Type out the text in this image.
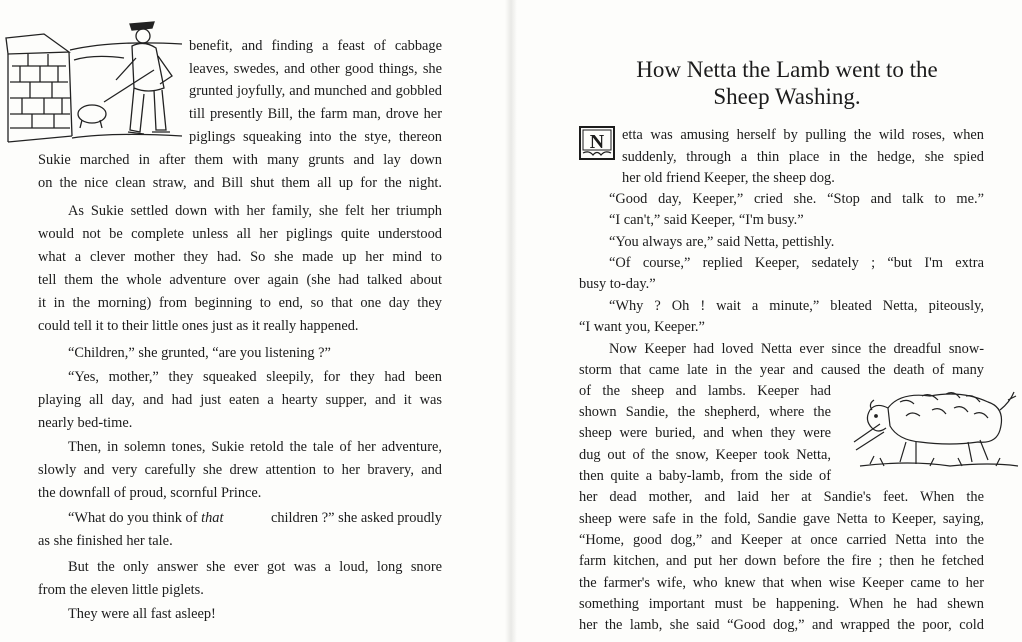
benefit, and finding a feast of cabbage
leaves, swedes, and other good things, she
grunted joyfully, and munched and gobbled
till presently Bill, the farm man, drove her
piglings squeaking into the stye, thereon
Sukie marched in after them with many grunts and lay down
on the nice clean straw, and Bill shut them all up for the night.
As Sukie settled down with her family, she felt her triumph
would not be complete unless all her piglings quite understood
what a clever mother they had. So she made up her mind to
tell them the whole adventure over again (she had talked about
it in the morning) from beginning to end, so that one day they
could tell it to their little ones just as it really happened.
“Children,” she grunted, “are you listening ?”
“Yes, mother,” they squeaked sleepily, for they had been
playing all day, and had just eaten a hearty supper, and it was
nearly bed-time.
Then, in solemn tones, Sukie retold the tale of her adventure,
slowly and very carefully she drew attention to her bravery, and
the downfall of proud, scornful Prince.
“What do you think of that	children ?” she asked proudly
as she finished her tale.
But the only answer she ever got was a loud, long snore
from the eleven little piglets.
They were all fast asleep!
How Netta the Lamb went to the
Sheep Washing.
N etta was amusing herself by pulling the wild roses, when
suddenly, through a thin place in the hedge, she spied
her old friend Keeper, the sheep dog.
“Good day, Keeper,” cried she. “Stop and talk to me.”
“I can't,” said Keeper, “I'm busy.”
“You always are,” said Netta, pettishly.
“Of course,” replied Keeper, sedately ; “but I'm extra
busy to-day.”
“Why ? Oh ! wait a minute,” bleated Netta, piteously,
“I want you, Keeper.”
Now Keeper had loved Netta ever since the dreadful snow-
storm that came late in the year and caused the death of many
of the sheep and lambs. Keeper had
shown Sandie, the shepherd, where the
sheep were buried, and when they were
dug out of the snow, Keeper took Netta,
then quite a baby-lamb, from the side of
her dead mother, and laid her at Sandie's feet. When the
sheep were safe in the fold, Sandie gave Netta to Keeper, saying,
“Home, good dog,” and Keeper at once carried Netta into the
farm kitchen, and put her down before the fire ; then he fetched
the farmer's wife, who knew that when wise Keeper came to her
something important must be happening. When he had shewn
her the lamb, she said “Good dog,” and wrapped the poor, cold
